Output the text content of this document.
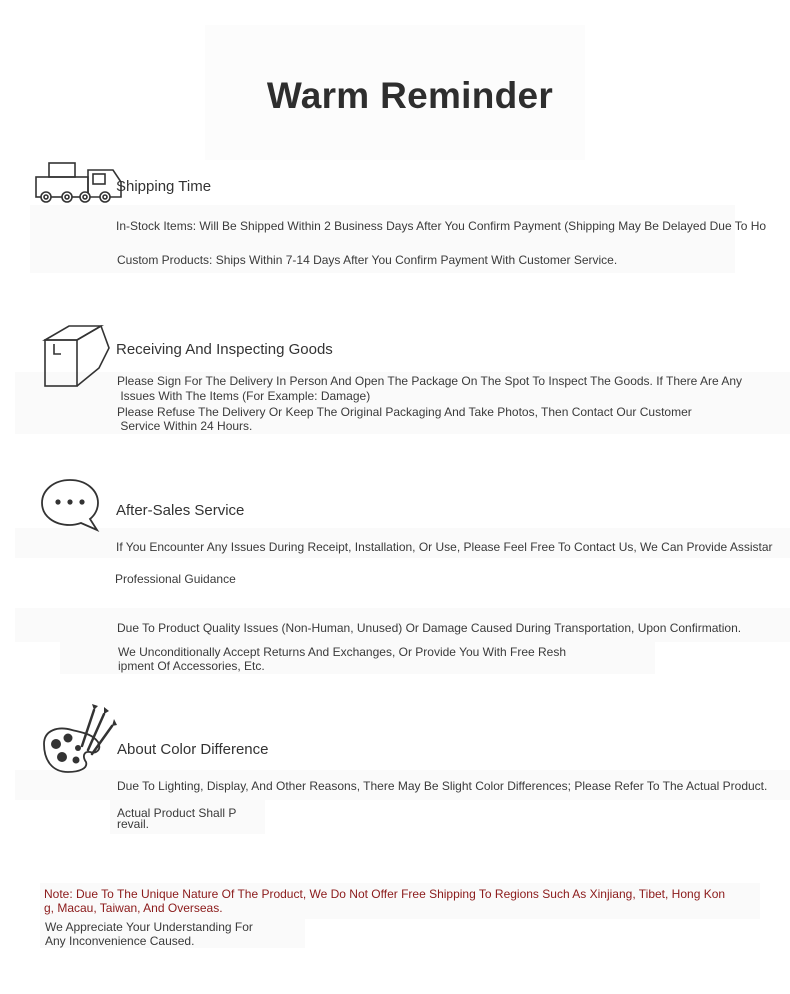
Warm Reminder
Shipping Time
In-Stock Items: Will Be Shipped Within 2 Business Days After You Confirm Payment (Shipping May Be Delayed Due To Ho
Custom Products: Ships Within 7-14 Days After You Confirm Payment With Customer Service.
Receiving And Inspecting Goods
Please Sign For The Delivery In Person And Open The Package On The Spot To Inspect The Goods. If There Are Any
Issues With The Items (For Example: Damage)
Please Refuse The Delivery Or Keep The Original Packaging And Take Photos, Then Contact Our Customer
Service Within 24 Hours.
After-Sales Service
If You Encounter Any Issues During Receipt, Installation, Or Use, Please Feel Free To Contact Us, We Can Provide Assistar
Professional Guidance
Due To Product Quality Issues (Non-Human, Unused) Or Damage Caused During Transportation, Upon Confirmation.
We Unconditionally Accept Returns And Exchanges, Or Provide You With Free Resh
ipment Of Accessories, Etc.
About Color Difference
Due To Lighting, Display, And Other Reasons, There May Be Slight Color Differences; Please Refer To The Actual Product.
Actual Product Shall P
revail.
Note: Due To The Unique Nature Of The Product, We Do Not Offer Free Shipping To Regions Such As Xinjiang, Tibet, Hong Kon
g, Macau, Taiwan, And Overseas.
We Appreciate Your Understanding For
Any Inconvenience Caused.
